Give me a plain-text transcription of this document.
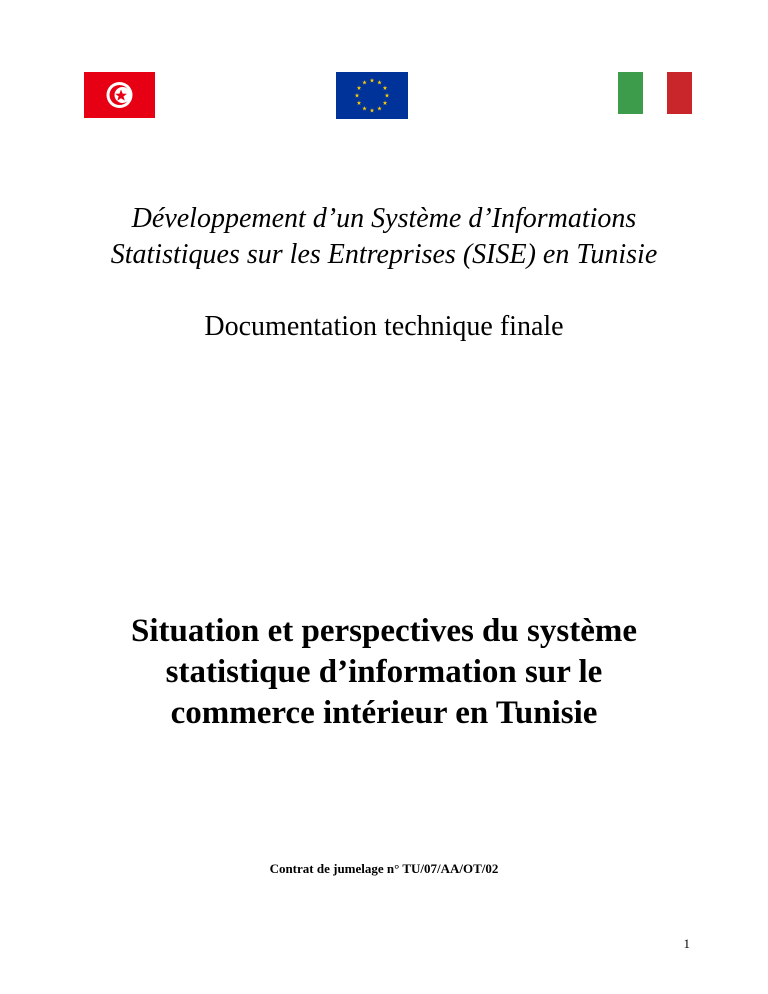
Développement d’un Système d’Informations
Statistiques sur les Entreprises (SISE) en Tunisie
Documentation technique finale
Situation et perspectives du système
statistique d’information sur le
commerce intérieur en Tunisie
Contrat de jumelage n° TU/07/AA/OT/02
1
